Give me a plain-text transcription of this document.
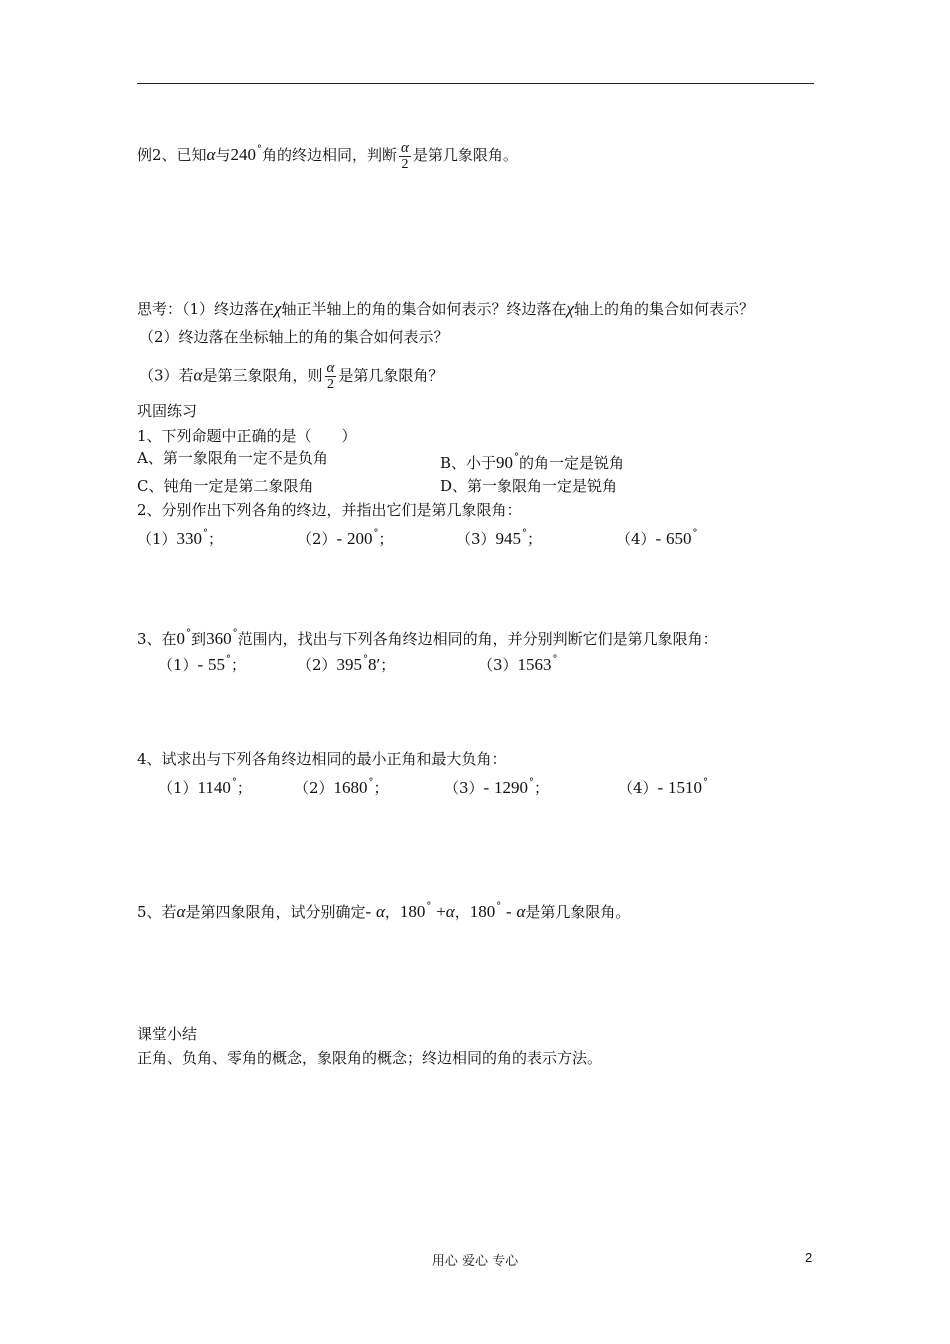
例2、已知α与240°角的终边相同，判断 $\frac{\alpha}{2}$ 是第几象限角。
思考：（1）终边落在χ轴正半轴上的角的集合如何表示？终边落在χ轴上的角的集合如何表示？
（2）终边落在坐标轴上的角的集合如何表示？
（3）若α是第三象限角，则 $\frac{\alpha}{2}$ 是第几象限角？
巩固练习
1、下列命题中正确的是（　　）
A、第一象限角一定不是负角	B、小于90°的角一定是锐角
C、钝角一定是第二象限角	D、第一象限角一定是锐角
2、分别作出下列各角的终边，并指出它们是第几象限角：
（1）330°；	（2）- 200°；	（3）945°；	（4）- 650°
3、在0°到360°范围内，找出与下列各角终边相同的角，并分别判断它们是第几象限角：
（1）- 55°；	（2）395°8′；	（3）1563°
4、试求出与下列各角终边相同的最小正角和最大负角：
（1）1140°；	（2）1680°；	（3）- 1290°；	（4）- 1510°
5、若α是第四象限角，试分别确定- α，180° +α，180° - α是第几象限角。
课堂小结
正角、负角、零角的概念，象限角的概念；终边相同的角的表示方法。
用心 爱心 专心	2
